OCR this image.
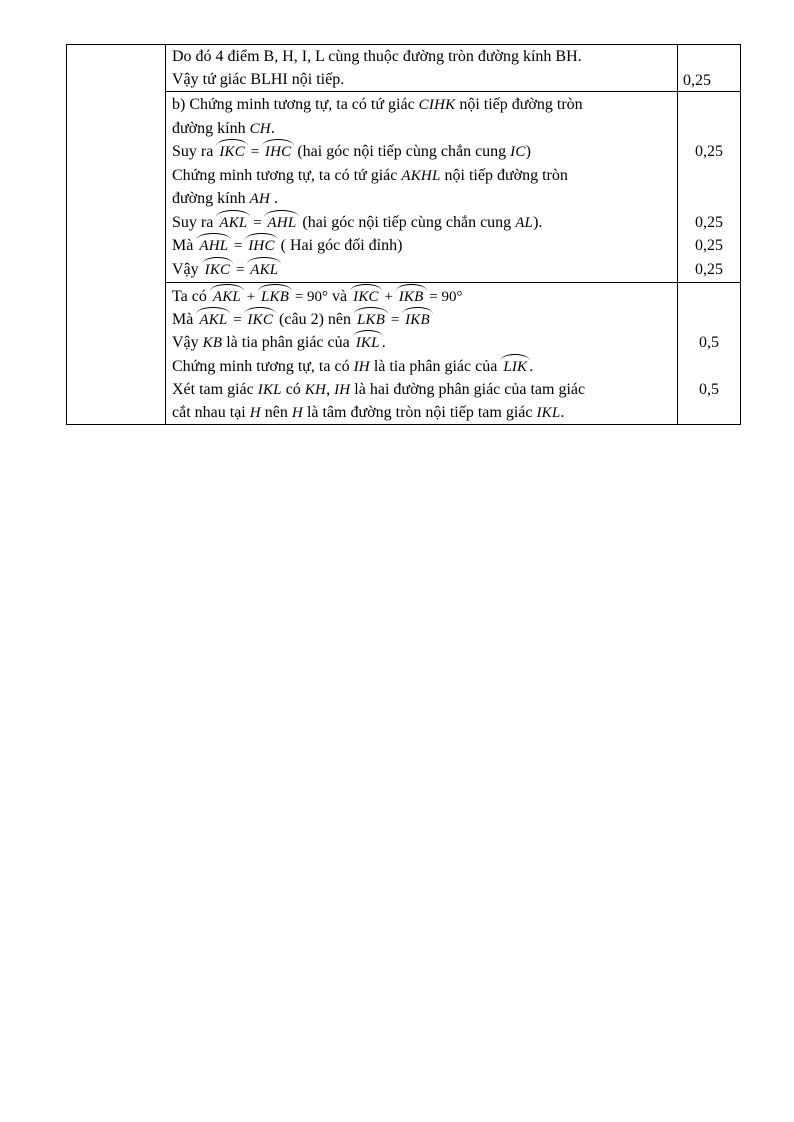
Do đó 4 điểm B, H, I, L cùng thuộc đường tròn đường kính BH.
Vậy tứ giác BLHI nội tiếp.	0,25
b) Chứng minh tương tự, ta có tứ giác CIHK nội tiếp đường tròn
đường kính CH.
Suy ra IKC = IHC (hai góc nội tiếp cùng chắn cung IC)
Chứng minh tương tự, ta có tứ giác AKHL nội tiếp đường tròn
đường kính AH .
Suy ra AKL = AHL (hai góc nội tiếp cùng chắn cung AL).
Mà AHL = IHC ( Hai góc đối đỉnh)
Vậy IKC = AKL
0,25
0,25
0,25
0,25
Ta có AKL + LKB = 90° và IKC + IKB = 90°
Mà AKL = IKC (câu 2) nên LKB = IKB
Vậy KB là tia phân giác của IKL .
Chứng minh tương tự, ta có IH là tia phân giác của LIK .
Xét tam giác IKL có KH, IH là hai đường phân giác của tam giác
cắt nhau tại H nên H là tâm đường tròn nội tiếp tam giác IKL.
0,5
0,5
